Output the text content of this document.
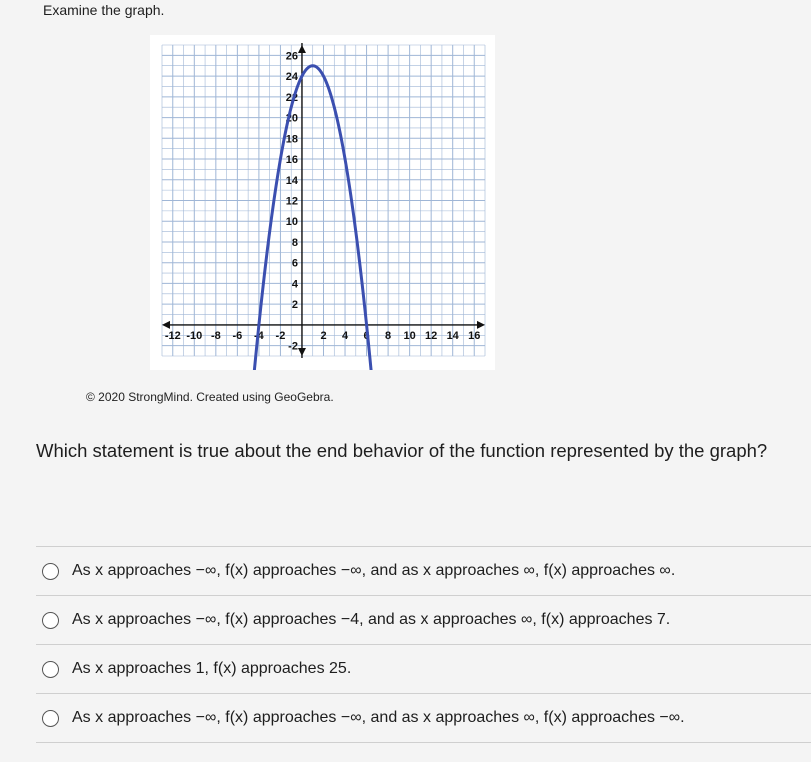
Examine the graph.
-12 -10 -8 -6 -4 -2	2 4 6 8 10 12 14 16
-2
2
4
6
8
10
12
14
16
18
20
22
24
26
© 2020 StrongMind. Created using GeoGebra.
Which statement is true about the end behavior of the function represented by the graph?
As x approaches −∞, f(x) approaches −∞, and as x approaches ∞, f(x) approaches ∞.
As x approaches −∞, f(x) approaches −4, and as x approaches ∞, f(x) approaches 7.
As x approaches 1, f(x) approaches 25.
As x approaches −∞, f(x) approaches −∞, and as x approaches ∞, f(x) approaches −∞.
